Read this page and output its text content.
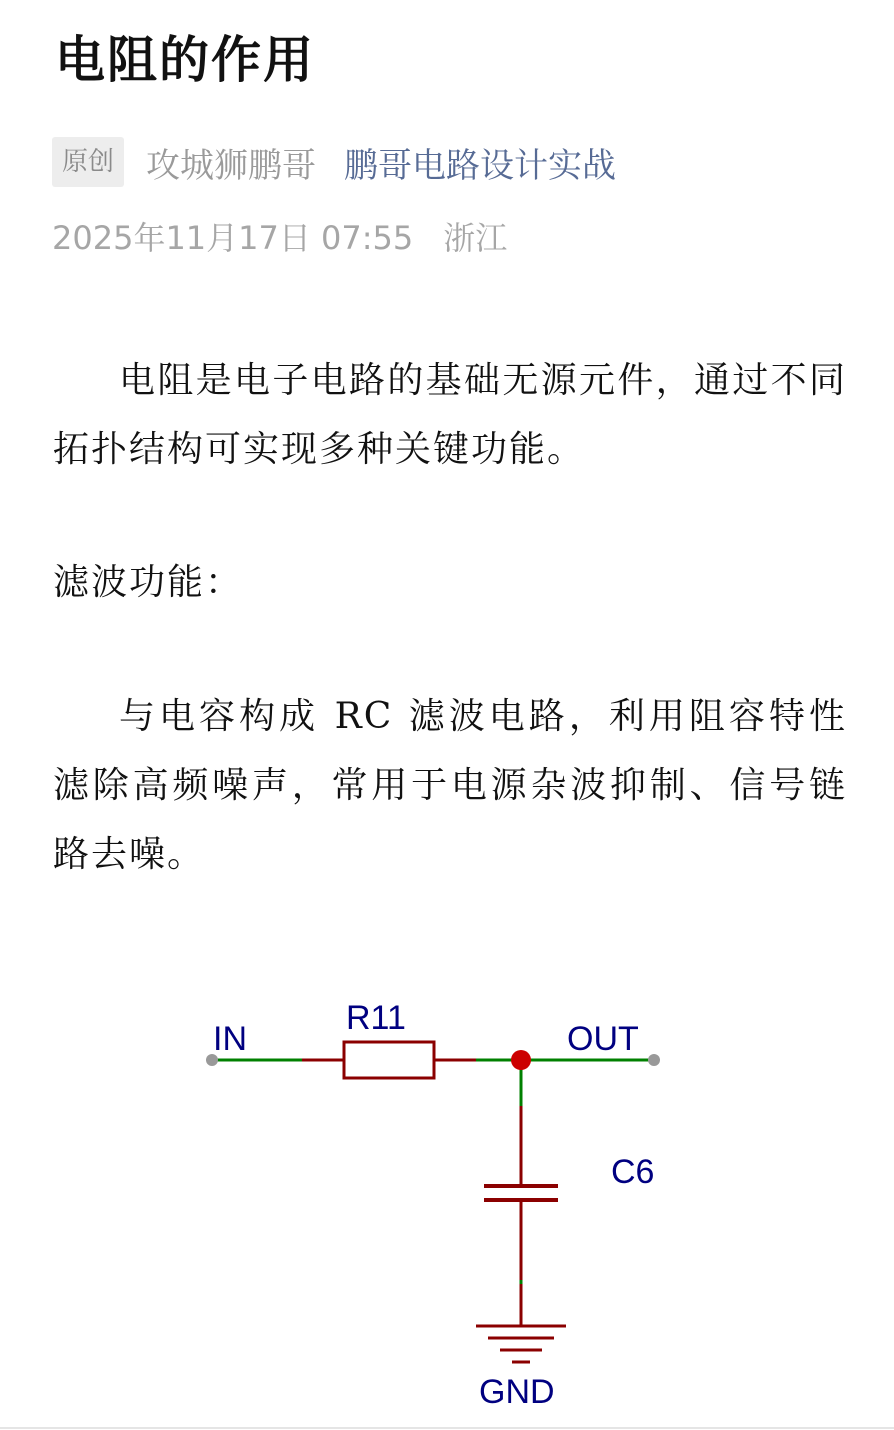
电阻的作用
原创 攻城狮鹏哥 鹏哥电路设计实战
2025年11月17日 07:55 浙江

电阻是电子电路的基础无源元件，通过不同拓扑结构可实现多种关键功能。

滤波功能：

与电容构成 RC 滤波电路，利用阻容特性滤除高频噪声，常用于电源杂波抑制、信号链路去噪。

IN
R11
OUT
C6
GND
